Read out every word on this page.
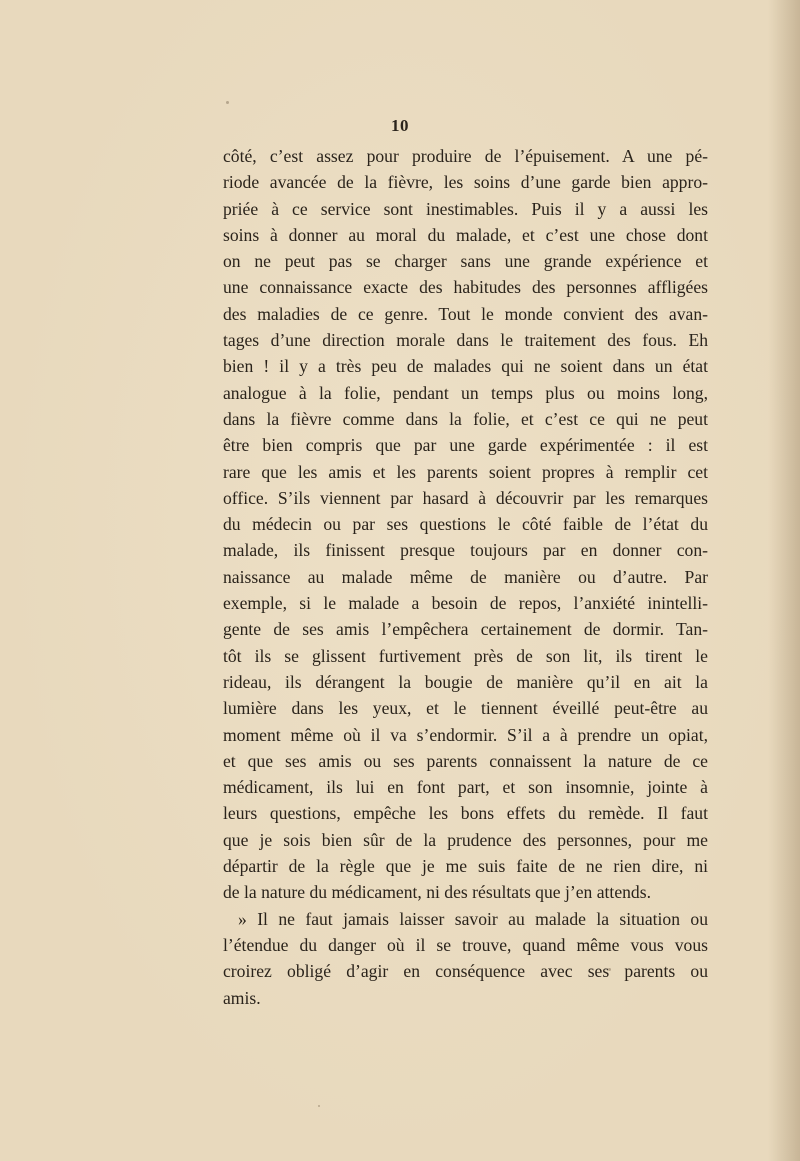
10
côté, c’est assez pour produire de l’épuisement. A une pé-
riode avancée de la fièvre, les soins d’une garde bien appro-
priée à ce service sont inestimables. Puis il y a aussi les
soins à donner au moral du malade, et c’est une chose dont
on ne peut pas se charger sans une grande expérience et
une connaissance exacte des habitudes des personnes affligées
des maladies de ce genre. Tout le monde convient des avan-
tages d’une direction morale dans le traitement des fous. Eh
bien ! il y a très peu de malades qui ne soient dans un état
analogue à la folie, pendant un temps plus ou moins long,
dans la fièvre comme dans la folie, et c’est ce qui ne peut
être bien compris que par une garde expérimentée : il est
rare que les amis et les parents soient propres à remplir cet
office. S’ils viennent par hasard à découvrir par les remarques
du médecin ou par ses questions le côté faible de l’état du
malade, ils finissent presque toujours par en donner con-
naissance au malade même de manière ou d’autre. Par
exemple, si le malade a besoin de repos, l’anxiété inintelli-
gente de ses amis l’empêchera certainement de dormir. Tan-
tôt ils se glissent furtivement près de son lit, ils tirent le
rideau, ils dérangent la bougie de manière qu’il en ait la
lumière dans les yeux, et le tiennent éveillé peut-être au
moment même où il va s’endormir. S’il a à prendre un opiat,
et que ses amis ou ses parents connaissent la nature de ce
médicament, ils lui en font part, et son insomnie, jointe à
leurs questions, empêche les bons effets du remède. Il faut
que je sois bien sûr de la prudence des personnes, pour me
départir de la règle que je me suis faite de ne rien dire, ni
de la nature du médicament, ni des résultats que j’en attends.
» Il ne faut jamais laisser savoir au malade la situation ou
l’étendue du danger où il se trouve, quand même vous vous
croirez obligé d’agir en conséquence avec ses parents ou
amis.
